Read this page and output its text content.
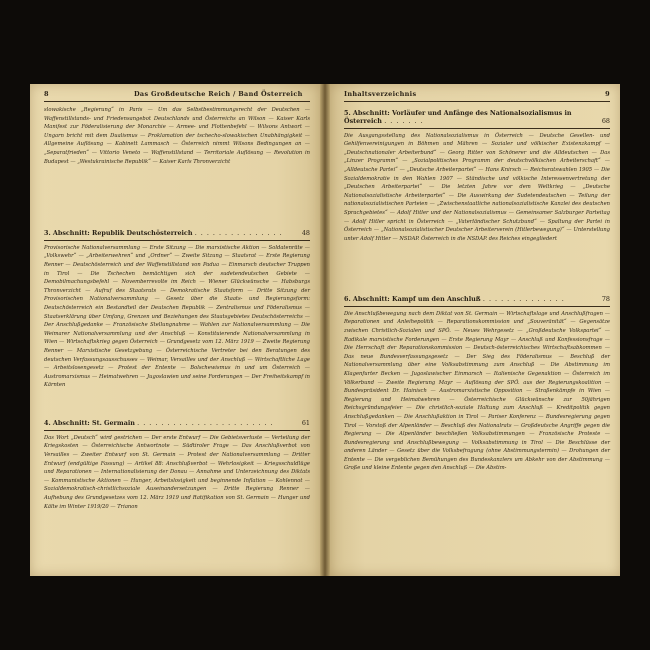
8	Das Großdeutsche Reich / Band Österreich
slowakische „Regierung“ in Paris — Um das Selbstbestimmungsrecht der Deutschen — Waffenstillstands- und Friedensangebot Deutschlands und Österreichs an Wilson — Kaiser Karls Manifest zur Föderalisierung der Monarchie — Armee- und Flottenbefehl — Wilsons Antwort — Ungarn bricht mit dem Dualismus — Proklamation der tschecho-slowakischen Unabhängigkeit — Allgemeine Auflösung — Kabinett Lammasch — Österreich nimmt Wilsons Bedingungen an — „Separatfrieden“ — Vittorio Veneto — Waffenstillstand — Territoriale Auflösung — Revolution in Budapest — „Westukrainische Republik“ — Kaiser Karls Thronverzicht
3. Abschnitt: Republik Deutschösterreich . . . . . . . . . . . . . . .	48
Provisorische Nationalversammlung — Erste Sitzung — Die marxistische Aktion — Soldatenräte — „Volkswehr“ — „Arbeiterwehren“ und „Ordner“ — Zweite Sitzung — Staatsrat — Erste Regierung Renner — Deutschösterreich und der Waffenstillstand von Padua — Einmarsch deutscher Truppen in Tirol — Die Tschechen bemächtigen sich der sudetendeutschen Gebiete — Demobilmachungsbefehl — Novemberrevolte im Reich — Wiener Glückwünsche — Habsburgs Thronverzicht — Aufruf des Staatsrats — Demokratische Staatsform — Dritte Sitzung der Provisorischen Nationalversammlung — Gesetz über die Staats- und Regierungsform: Deutschösterreich ein Bestandteil der Deutschen Republik — Zentralismus und Föderalismus — Staatserklärung über Umfang, Grenzen und Beziehungen des Staatsgebietes Deutschösterreichs — Der Anschlußgedanke — Französische Stellungnahme — Wahlen zur Nationalversammlung — Die Weimarer Nationalversammlung und der Anschluß — Konstituierende Nationalversammlung in Wien — Wirtschaftskrieg gegen Österreich — Grundgesetz vom 12. März 1919 — Zweite Regierung Renner — Marxistische Gesetzgebung — Österreichische Vertreter bei den Beratungen des deutschen Verfassungsausschusses — Weimar, Versailles und der Anschluß — Wirtschaftliche Lage — Arbeitslosengesetz — Protest der Entente — Bolschewismus in und um Österreich — Austromarxismus — Heimatwehren — Jugoslawien und seine Forderungen — Der Freiheitskampf in Kärnten
4. Abschnitt: St. Germain . . . . . . . . . . . . . . . . . . . . . . .	61
Das Wort „Deutsch“ wird gestrichen — Der erste Entwurf — Die Gebietsverluste — Verteilung der Kriegskosten — Österreichische Antwortnote — Südtiroler Frage — Das Anschlußverbot von Versailles — Zweiter Entwurf von St. Germain — Protest der Nationalversammlung — Dritter Entwurf (endgültige Fassung) — Artikel 88: Anschlußverbot — Wehrlosigkeit — Kriegsschuldlüge und Reparationen — Internationalisierung der Donau — Annahme und Unterzeichnung des Diktats — Kommunistische Aktionen — Hunger, Arbeitslosigkeit und beginnende Inflation — Kohlennot — Sozialdemokratisch-christlichsoziale Auseinandersetzungen — Dritte Regierung Renner — Aufhebung des Grundgesetzes vom 12. März 1919 und Ratifikation von St. Germain — Hunger und Kälte im Winter 1919/20 — Trianon
Inhaltsverzeichnis	9
5. Abschnitt: Vorläufer und Anfänge des Nationalsozialismus in Österreich . . . . . . .	68
Die Ausgangsstellung des Nationalsozialismus in Österreich — Deutsche Gesellen- und Gehilfenvereinigungen in Böhmen und Mähren — Sozialer und völkischer Existenzkampf — „Deutschnationaler Arbeiterbund“ — Georg Ritter von Schönerer und die Alldeutschen — Das „Linzer Programm“ — „Sozialpolitisches Programm der deutschvölkischen Arbeiterschaft“ — „Alldeutsche Partei“ — „Deutsche Arbeiterpartei“ — Hans Knirsch — Reichsratswahlen 1905 — Die Sozialdemokratie in den Wahlen 1907 — Ständische und völkische Interessenvertretung der „Deutschen Arbeiterpartei“ — Die letzten Jahre vor dem Weltkrieg — „Deutsche Nationalsozialistische Arbeiterpartei“ — Die Auswirkung der Sudetendeutschen — Teilung der nationalsozialistischen Parteien — „Zwischenstaatliche nationalsozialistische Kanzlei des deutschen Sprachgebietes“ — Adolf Hitler und der Nationalsozialismus — Gemeinsamer Salzburger Parteitag — Adolf Hitler spricht in Österreich — „Vaterländischer Schutzbund“ — Spaltung der Partei in Österreich — „Nationalsozialistischer Deutscher Arbeiterverein (Hitlerbewegung)“ — Unterstellung unter Adolf Hitler — NSDAP. Österreich in die NSDAP. des Reiches eingegliedert
6. Abschnitt: Kampf um den Anschluß . . . . . . . . . . . . . .	78
Die Anschlußbewegung nach dem Diktat von St. Germain — Wirtschaftslage und Anschlußfragen — Reparationen und Anleihepolitik — Reparationskommission und „Souveränität“ — Gegensätze zwischen Christlich-Sozialen und SPÖ. — Neues Wehrgesetz — „Großdeutsche Volkspartei“ — Radikale marxistische Forderungen — Erste Regierung Mayr — Anschluß und Konfessionsfrage — Die Herrschaft der Reparationskommission — Deutsch-österreichisches Wirtschaftsabkommen — Das neue Bundesverfassungsgesetz — Der Sieg des Föderalismus — Beschluß der Nationalversammlung über eine Volksabstimmung zum Anschluß — Die Abstimmung im Klagenfurter Becken — Jugoslawischer Einmarsch — Italienische Gegenaktion — Österreich im Völkerbund — Zweite Regierung Mayr — Auflösung der SPÖ. aus der Regierungskoalition — Bundespräsident Dr. Hainisch — Austromarxistische Opposition — Straßenkämpfe in Wien — Regierung und Heimatwehren — Österreichische Glückwünsche zur 50jährigen Reichsgründungsfeier — Die christlich-soziale Haltung zum Anschluß — Kreditpolitik gegen Anschlußgedanken — Die Anschlußaktion in Tirol — Pariser Konferenz — Bundesregierung gegen Tirol — Vorstoß der Alpenländer — Beschluß des Nationalrats — Großdeutsche Angriffe gegen die Regierung — Die Alpenländer beschließen Volksabstimmungen — Französische Proteste — Bundesregierung und Anschlußbewegung — Volksabstimmung in Tirol — Die Beschlüsse der anderen Länder — Gesetz über die Volksbefragung (ohne Abstimmungstermin) — Drohungen der Entente — Die vergeblichen Bemühungen des Bundeskanzlers um Abkehr von der Abstimmung — Große und kleine Entente gegen den Anschluß — Die Abstim-
